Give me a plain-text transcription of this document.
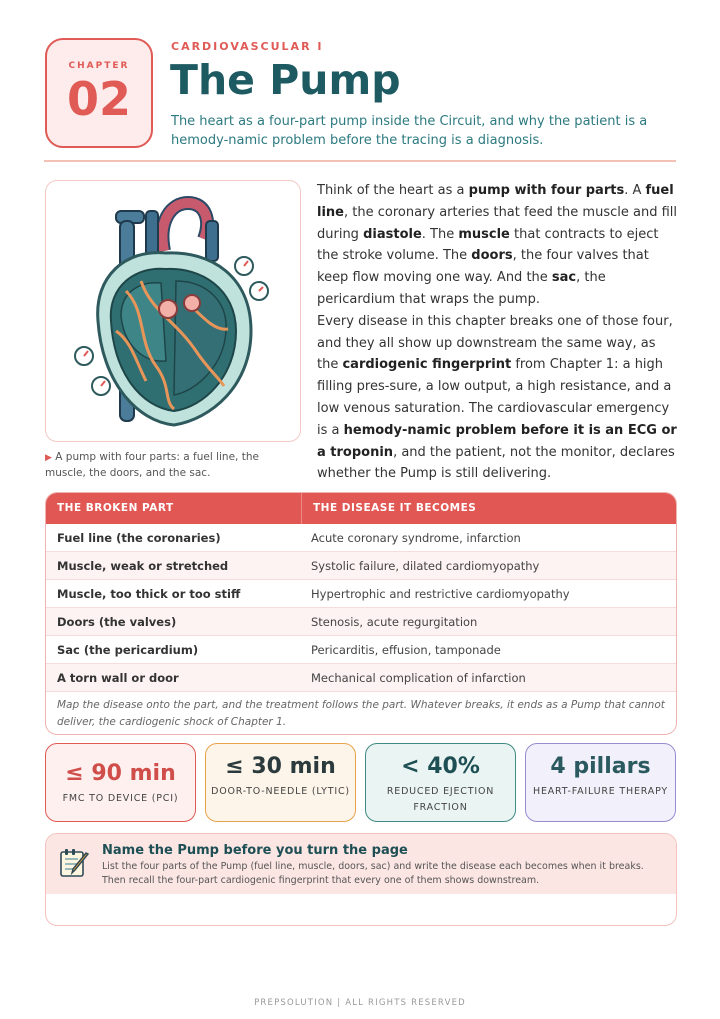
CHAPTER
02
CARDIOVASCULAR I
The Pump
The heart as a four-part pump inside the Circuit, and why the patient is a hemody-namic problem before the tracing is a diagnosis.
▶ A pump with four parts: a fuel line, the muscle, the doors, and the sac.

Think of the heart as a pump with four parts. A fuel line, the coronary arteries that feed the muscle and fill during diastole. The muscle that contracts to eject the stroke volume. The doors, the four valves that keep flow moving one way. And the sac, the pericardium that wraps the pump.

Every disease in this chapter breaks one of those four, and they all show up downstream the same way, as the cardiogenic fingerprint from Chapter 1: a high filling pres-sure, a low output, a high resistance, and a low venous saturation. The cardiovascular emergency is a hemody-namic problem before it is an ECG or a troponin, and the patient, not the monitor, declares whether the Pump is still delivering.

THE BROKEN PART	THE DISEASE IT BECOMES
Fuel line (the coronaries)	Acute coronary syndrome, infarction
Muscle, weak or stretched	Systolic failure, dilated cardiomyopathy
Muscle, too thick or too stiff	Hypertrophic and restrictive cardiomyopathy
Doors (the valves)	Stenosis, acute regurgitation
Sac (the pericardium)	Pericarditis, effusion, tamponade
A torn wall or door	Mechanical complication of infarction
Map the disease onto the part, and the treatment follows the part. Whatever breaks, it ends as a Pump that cannot deliver, the cardiogenic shock of Chapter 1.
≤ 90 min
FMC TO DEVICE (PCI)
≤ 30 min
DOOR-TO-NEEDLE (LYTIC)
< 40%
REDUCED EJECTION FRACTION
4 pillars
HEART-FAILURE THERAPY
Name the Pump before you turn the page
List the four parts of the Pump (fuel line, muscle, doors, sac) and write the disease each becomes when it breaks. Then recall the four-part cardiogenic fingerprint that every one of them shows downstream.
PREPSOLUTION | ALL RIGHTS RESERVED
